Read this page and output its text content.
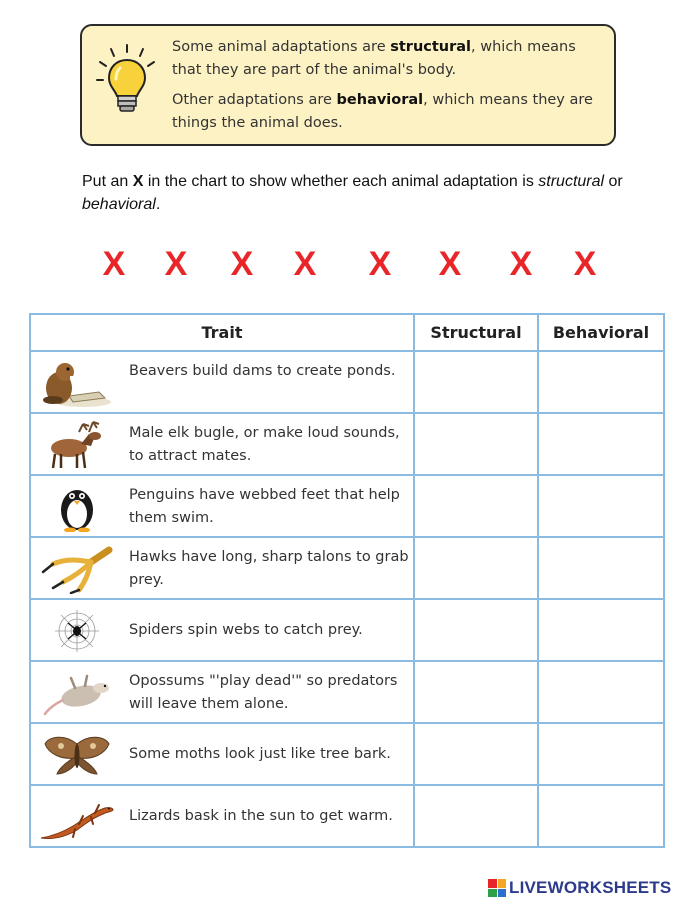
Some animal adaptations are structural, which means that they are part of the animal's body.

Other adaptations are behavioral, which means they are things the animal does.

Put an X in the chart to show whether each animal adaptation is structural or behavioral.
X X X X X X X X
Trait	Structural	Behavioral

Beavers build dams to create ponds.		

Male elk bugle, or make loud sounds, to attract mates.		

Penguins have webbed feet that help them swim.		

Hawks have long, sharp talons to grab prey.		

Spiders spin webs to catch prey.		

Opossums "'play dead'" so predators will leave them alone.		

Some moths look just like tree bark.		

Lizards bask in the sun to get warm.		

LIVEWORKSHEETS
